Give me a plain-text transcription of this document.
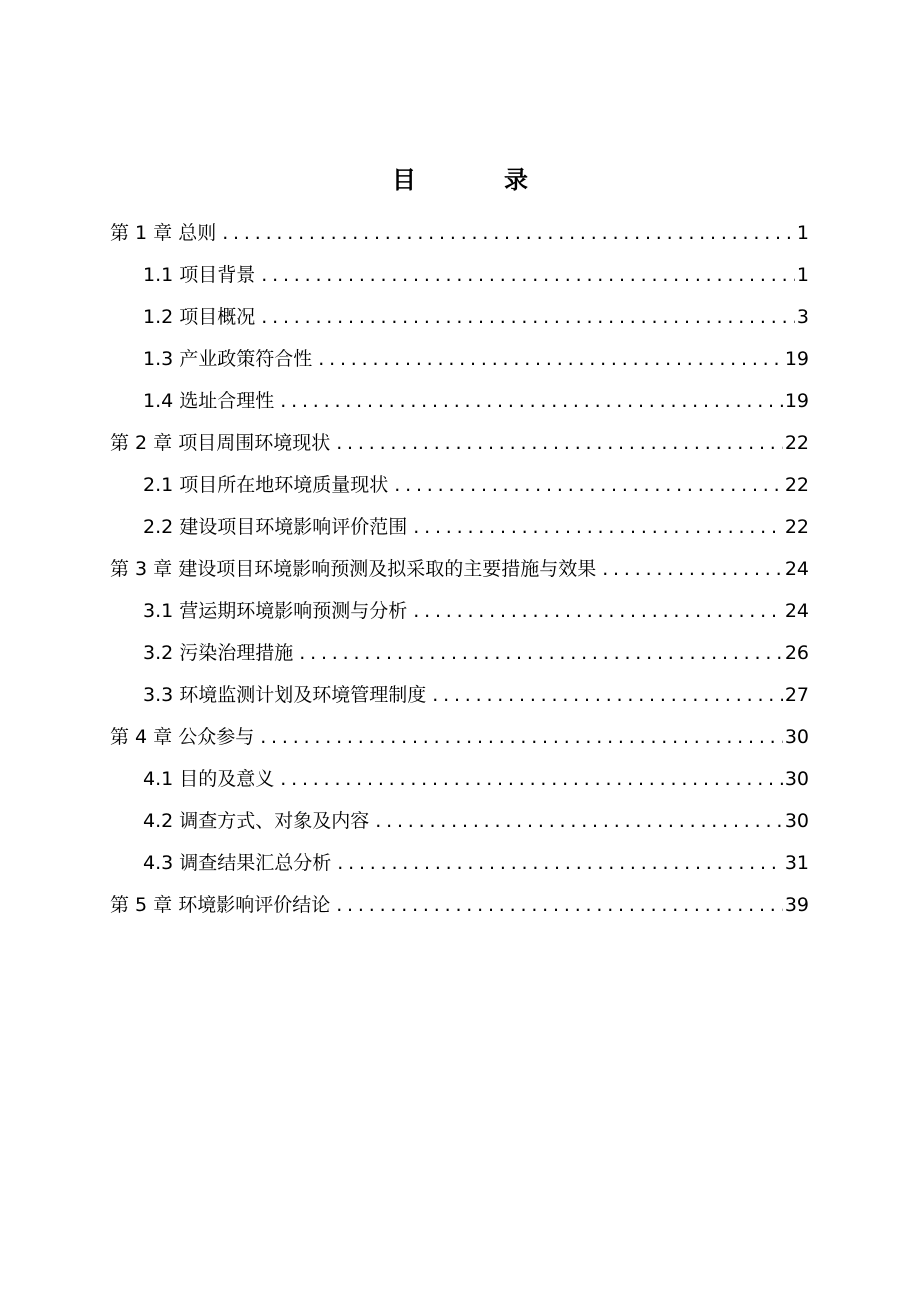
目	录
第 1 章 总则 .....	1
1.1 项目背景 .....	1
1.2 项目概况 .....	3
1.3 产业政策符合性 .....	19
1.4 选址合理性 .....	19
第 2 章 项目周围环境现状 .....	22
2.1 项目所在地环境质量现状 .....	22
2.2 建设项目环境影响评价范围 .....	22
第 3 章 建设项目环境影响预测及拟采取的主要措施与效果 .....	24
3.1 营运期环境影响预测与分析 .....	24
3.2 污染治理措施 .....	26
3.3 环境监测计划及环境管理制度 .....	27
第 4 章 公众参与 .....	30
4.1 目的及意义 .....	30
4.2 调查方式、对象及内容 .....	30
4.3 调查结果汇总分析 .....	31
第 5 章 环境影响评价结论 .....	39
